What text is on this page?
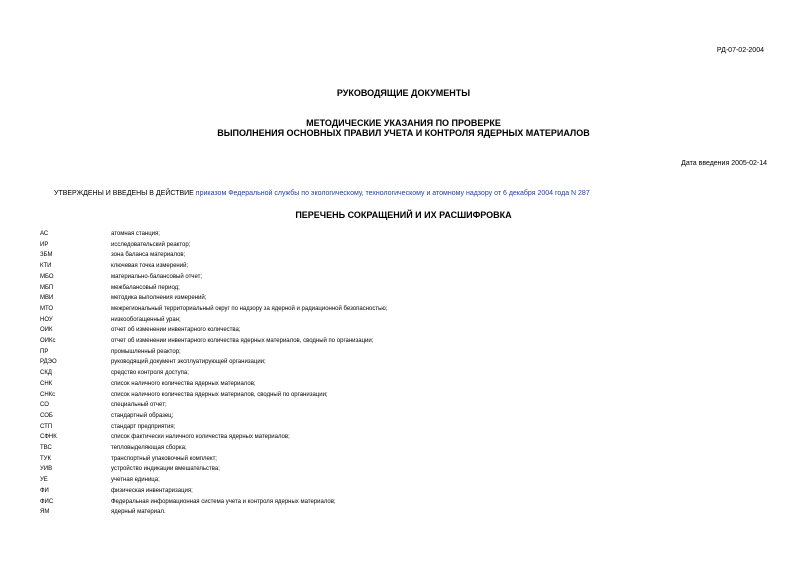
РД-07-02-2004
РУКОВОДЯЩИЕ ДОКУМЕНТЫ
МЕТОДИЧЕСКИЕ УКАЗАНИЯ ПО ПРОВЕРКЕ
ВЫПОЛНЕНИЯ ОСНОВНЫХ ПРАВИЛ УЧЕТА И КОНТРОЛЯ ЯДЕРНЫХ МАТЕРИАЛОВ
Дата введения 2005-02-14
УТВЕРЖДЕНЫ И ВВЕДЕНЫ В ДЕЙСТВИЕ приказом Федеральной службы по экологическому, технологическому и атомному надзору от 6 декабря 2004 года N 287
ПЕРЕЧЕНЬ СОКРАЩЕНИЙ И ИХ РАСШИФРОВКА
АС	атомная станция;
ИР	исследовательский реактор;
ЗБМ	зона баланса материалов;
КТИ	ключевая точка измерений;
МБО	материально-балансовый отчет;
МБП	межбалансовый период;
МВИ	методика выполнения измерений;
МТО	межрегиональный территориальный округ по надзору за ядерной и радиационной безопасностью;
НОУ	низкообогащенный уран;
ОИК	отчет об изменении инвентарного количества;
ОИКс	отчет об изменении инвентарного количества ядерных материалов, сводный по организации;
ПР	промышленный реактор;
РДЭО	руководящий документ эксплуатирующей организации;
СКД	средство контроля доступа;
СНК	список наличного количества ядерных материалов;
СНКс	список наличного количества ядерных материалов, сводный по организации;
СО	специальный отчет;
СОБ	стандартный образец;
СТП	стандарт предприятия;
СФНК	список фактически наличного количества ядерных материалов;
ТВС	тепловыделяющая сборка;
ТУК	транспортный упаковочный комплект;
УИВ	устройство индикации вмешательства;
УЕ	учетная единица;
ФИ	физическая инвентаризация;
ФИС	Федеральная информационная система учета и контроля ядерных материалов;
ЯМ	ядерный материал.
